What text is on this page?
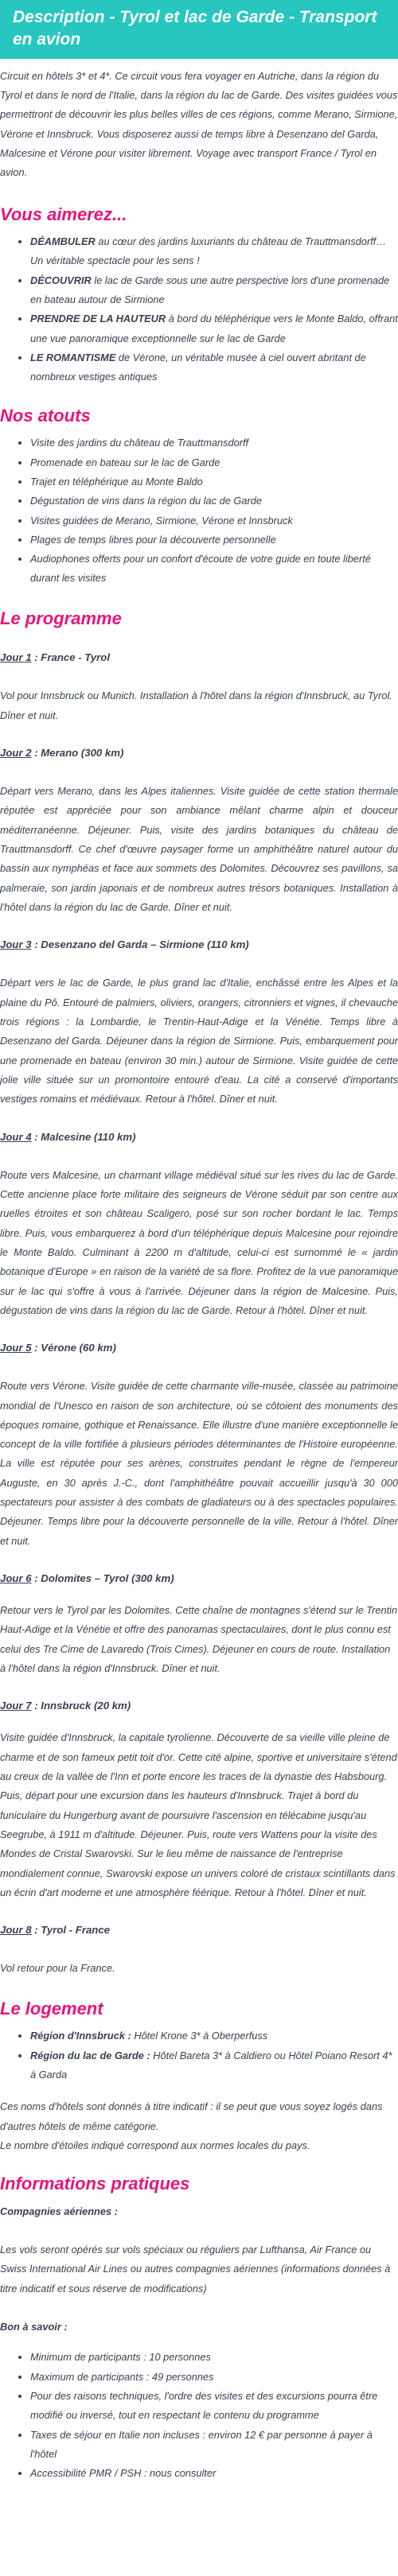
Description - Tyrol et lac de Garde - Transport en avion

Circuit en hôtels 3* et 4*. Ce circuit vous fera voyager en Autriche, dans la région du Tyrol et dans le nord de l'Italie, dans la région du lac de Garde. Des visites guidées vous permettront de découvrir les plus belles villes de ces régions, comme Merano, Sirmione, Vérone et Innsbruck. Vous disposerez aussi de temps libre à Desenzano del Garda, Malcesine et Vérone pour visiter librement. Voyage avec transport France / Tyrol en avion.

Vous aimerez...
• DÉAMBULER au cœur des jardins luxuriants du château de Trauttmansdorff… Un véritable spectacle pour les sens !
• DÉCOUVRIR le lac de Garde sous une autre perspective lors d'une promenade en bateau autour de Sirmione
• PRENDRE DE LA HAUTEUR à bord du téléphérique vers le Monte Baldo, offrant une vue panoramique exceptionnelle sur le lac de Garde
• LE ROMANTISME de Vérone, un véritable musée à ciel ouvert abritant de nombreux vestiges antiques
Nos atouts
• Visite des jardins du château de Trauttmansdorff
• Promenade en bateau sur le lac de Garde
• Trajet en téléphérique au Monte Baldo
• Dégustation de vins dans la région du lac de Garde
• Visites guidées de Merano, Sirmione, Vérone et Innsbruck
• Plages de temps libres pour la découverte personnelle
• Audiophones offerts pour un confort d'écoute de votre guide en toute liberté durant les visites
Le programme
Jour 1 : France - Tyrol

Vol pour Innsbruck ou Munich. Installation à l'hôtel dans la région d'Innsbruck, au Tyrol. Dîner et nuit.

Jour 2 : Merano (300 km)

Départ vers Merano, dans les Alpes italiennes. Visite guidée de cette station thermale réputée est appréciée pour son ambiance mêlant charme alpin et douceur méditerranéenne. Déjeuner. Puis, visite des jardins botaniques du château de Trauttmansdorff. Ce chef d'œuvre paysager forme un amphithéâtre naturel autour du bassin aux nymphéas et face aux sommets des Dolomites. Découvrez ses pavillons, sa palmeraie, son jardin japonais et de nombreux autres trésors botaniques. Installation à l'hôtel dans la région du lac de Garde. Dîner et nuit.

Jour 3 : Desenzano del Garda – Sirmione (110 km)

Départ vers le lac de Garde, le plus grand lac d'Italie, enchâssé entre les Alpes et la plaine du Pô. Entouré de palmiers, oliviers, orangers, citronniers et vignes, il chevauche trois régions : la Lombardie, le Trentin-Haut-Adige et la Vénétie. Temps libre à Desenzano del Garda. Déjeuner dans la région de Sirmione. Puis, embarquement pour une promenade en bateau (environ 30 min.) autour de Sirmione. Visite guidée de cette jolie ville située sur un promontoire entouré d'eau. La cité a conservé d'importants vestiges romains et médiévaux. Retour à l'hôtel. Dîner et nuit.

Jour 4 : Malcesine (110 km)

Route vers Malcesine, un charmant village médiéval situé sur les rives du lac de Garde. Cette ancienne place forte militaire des seigneurs de Vérone séduit par son centre aux ruelles étroites et son château Scaligero, posé sur son rocher bordant le lac. Temps libre. Puis, vous embarquerez à bord d'un téléphérique depuis Malcesine pour rejoindre le Monte Baldo. Culminant à 2200 m d'altitude, celui-ci est surnommé le « jardin botanique d'Europe » en raison de la variété de sa flore. Profitez de la vue panoramique sur le lac qui s'offre à vous à l'arrivée. Déjeuner dans la région de Malcesine. Puis, dégustation de vins dans la région du lac de Garde. Retour à l'hôtel. Dîner et nuit.

Jour 5 : Vérone (60 km)

Route vers Vérone. Visite guidée de cette charmante ville-musée, classée au patrimoine mondial de l'Unesco en raison de son architecture, où se côtoient des monuments des époques romaine, gothique et Renaissance. Elle illustre d'une manière exceptionnelle le concept de la ville fortifiée à plusieurs périodes déterminantes de l'Histoire européenne. La ville est réputée pour ses arènes, construites pendant le règne de l'empereur Auguste, en 30 après J.-C., dont l'amphithéâtre pouvait accueillir jusqu'à 30 000 spectateurs pour assister à des combats de gladiateurs ou à des spectacles populaires. Déjeuner. Temps libre pour la découverte personnelle de la ville. Retour à l'hôtel. Dîner et nuit.

Jour 6 : Dolomites – Tyrol (300 km)

Retour vers le Tyrol par les Dolomites. Cette chaîne de montagnes s'étend sur le Trentin Haut-Adige et la Vénétie et offre des panoramas spectaculaires, dont le plus connu est celui des Tre Cime de Lavaredo (Trois Cimes). Déjeuner en cours de route. Installation à l'hôtel dans la région d'Innsbruck. Dîner et nuit.

Jour 7 : Innsbruck (20 km)

Visite guidée d'Innsbruck, la capitale tyrolienne. Découverte de sa vieille ville pleine de charme et de son fameux petit toit d'or. Cette cité alpine, sportive et universitaire s'étend au creux de la vallée de l'Inn et porte encore les traces de la dynastie des Habsbourg. Puis, départ pour une excursion dans les hauteurs d'Innsbruck. Trajet à bord du funiculaire du Hungerburg avant de poursuivre l'ascension en télécabine jusqu'au Seegrube, à 1911 m d'altitude. Déjeuner. Puis, route vers Wattens pour la visite des Mondes de Cristal Swarovski. Sur le lieu même de naissance de l'entreprise mondialement connue, Swarovski expose un univers coloré de cristaux scintillants dans un écrin d'art moderne et une atmosphère féérique. Retour à l'hôtel. Dîner et nuit.

Jour 8 : Tyrol - France

Vol retour pour la France.

Le logement
• Région d'Innsbruck : Hôtel Krone 3* à Oberperfuss
• Région du lac de Garde : Hôtel Bareta 3* à Caldiero ou Hôtel Poiano Resort 4* à Garda

Ces noms d'hôtels sont donnés à titre indicatif : il se peut que vous soyez logés dans d'autres hôtels de même catégorie.

Le nombre d'étoiles indiqué correspond aux normes locales du pays.

Informations pratiques

Compagnies aériennes :

Les vols seront opérés sur vols spéciaux ou réguliers par Lufthansa, Air France ou Swiss International Air Lines ou autres compagnies aériennes (informations données à titre indicatif et sous réserve de modifications)

Bon à savoir :

• Minimum de participants : 10 personnes
• Maximum de participants : 49 personnes
• Pour des raisons techniques, l'ordre des visites et des excursions pourra être modifié ou inversé, tout en respectant le contenu du programme
• Taxes de séjour en Italie non incluses : environ 12 € par personne à payer à l'hôtel
• Accessibilité PMR / PSH : nous consulter
